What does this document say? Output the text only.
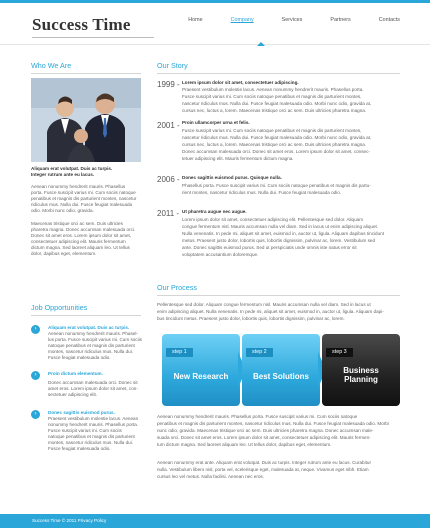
Success Time	Home	Company	Services	Partners	Contacts
Who We Are
Aliquam erat volutpat. Duis ac turpis.
Integer rutrum ante eu lacus.
Aenean nonummy hendrerit mauris. Phasellus
porta. Fusce suscipit varius mi. Cum sociis natoque
penatibus et magnis dis parturient montes, nascetur
ridiculus mus. Nulla dui. Fusce feugiat malesuada
odio. Morbi nunc odio, gravida.
Maecenas tristique orci ac sem. Duis ultricies
pharetra magna. Donec accumsan malesuada orci.
Donec sit amet eros. Lorem ipsum dolor sit amet,
consectetuer adipiscing elit. Mauris fermentum
dictum magna. Sed laoreet aliquam leo. Ut tellus
dolor, dapibus eget, elementum.
Job Opportunities
›	Aliquam erat volutpat. Duis ac turpis.
Aenean nonummy hendrerit mauris. Phasel-
lus porta. Fusce suscipit varius mi. Cum sociis
natoque penatibus et magnis dis parturient
montes, nascetur ridiculus mus. Nulla dui.
Fusce feugiat malesuada odio.
›	Proin dictum elementum.
Donec accumsan malesuada orci. Donec sit
amet eros. Lorem ipsum dolor sit amet, con-
sectetuer adipiscing elit.
›	Donec sagittis euismod purus.
Praesent vestibulum molestie lacus. Aenean
nonummy hendrerit mauris. Phasellus porta.
Fusce suscipit varius mi. Cum sociis
natoque penatibus et magnis dis parturient
montes, nascetur ridiculus mus. Nulla dui.
Fusce feugiat malesuada odio.
Our Story
1999 - Lorem ipsum dolor sit amet, consectetuer adipiscing.
Praesent vestibulum molestie lacus. Aenean nonummy hendrerit mauris. Phasellus porta.
Fusce suscipit varius mi. Cum sociis natoque penatibus et magnis dis parturient montes,
nascetur ridiculus mus. Nulla dui. Fusce feugiat malesuada odio. Morbi nunc odio, gravida at,
cursus nec, luctus a, lorem. Maecenas tristique orci ac sem. Duis ultricies pharetra magna.
2001 - Proin ullamcorper urna et felis.
Fusce suscipit varius mi. Cum sociis natoque penatibus et magnis dis parturient montes,
nascetur ridiculus mus. Nulla dui. Fusce feugiat malesuada odio. Morbi nunc odio, gravida at,
cursus nec, luctus a, lorem. Maecenas tristique orci ac sem. Duis ultricies pharetra magna.
Donec accumsan malesuada orci. Donec sit amet eros. Lorem ipsum dolor sit amet, consec-
tetuer adipiscing elit. Mauris fermentum dictum magna.
2006 - Donec sagittis euismod purus. Quisque nulla.
Phasellus porta. Fusce suscipit varius mi. Cum sociis natoque penatibus et magnis dis partu-
rient montes, nascetur ridiculus mus. Nulla dui. Fusce feugiat malesuada odio.
2011 - Ut pharetra augue nec augue.
Lorem ipsum dolor sit amet, consectetuer adipiscing elit. Pellentesque sed dolor. Aliquam
congue fermentum nisl. Mauris accumsan nulla vel diam. Sed in lacus ut enim adipiscing aliquet.
Nulla venenatis. In pede mi, aliquet sit amet, euismod in, auctor ut, ligula. Aliquam dapibus tincidunt
metus. Praesent justo dolor, lobortis quis, lobortis dignissim, pulvinar ac, lorem. Vestibulum sed
ante. Donec sagittis euismod purus. Sed ut perspiciatis unde omnis iste natus error sit
voluptatem accusantium doloremque.
Our Process
Pellentesque sed dolor. Aliquam congue fermentum nisl. Mauris accumsan nulla vel diam. Sed in lacus ut
enim adipiscing aliquet. Nulla venenatis. In pede mi, aliquet sit amet, euismod in, auctor ut, ligula. Aliquam dapi-
bus tincidunt metus. Praesent justo dolor, lobortis quis, lobortis dignissim, pulvinar ac, lorem.
step 1
New Research
step 2
Best Solutions
step 3
Business Planning
Aenean nonummy hendrerit mauris. Phasellus porta. Fusce suscipit varius mi. Cum sociis natoque
penatibus et magnis dis parturient montes, nascetur ridiculus mus. Nulla dui. Fusce feugiat malesuada odio. Morbi
nunc odio, gravida. Maecenas tristique orci ac sem. Duis ultricies pharetra magna. Donec accumsan male-
suada orci. Donec sit amet eros. Lorem ipsum dolor sit amet, consectetuer adipiscing elit. Mauris fermen-
tum dictum magna. Sed laoreet aliquam leo. Ut tellus dolor, dapibus eget, elementum.
Aenean nonummy erat ante. Aliquam erat volutpat. Duis ac turpis. Integer rutrum ante eu lacus. Curabitur
nulla. Vestibulum libero nisl, porta vel, scelerisque eget, malesuada at, neque. Vivamus eget nibh. Etiam
cursus leo vel metus. Nulla facilisi. Aenean nec eros.
Success Time © 2011 Privacy Policy
